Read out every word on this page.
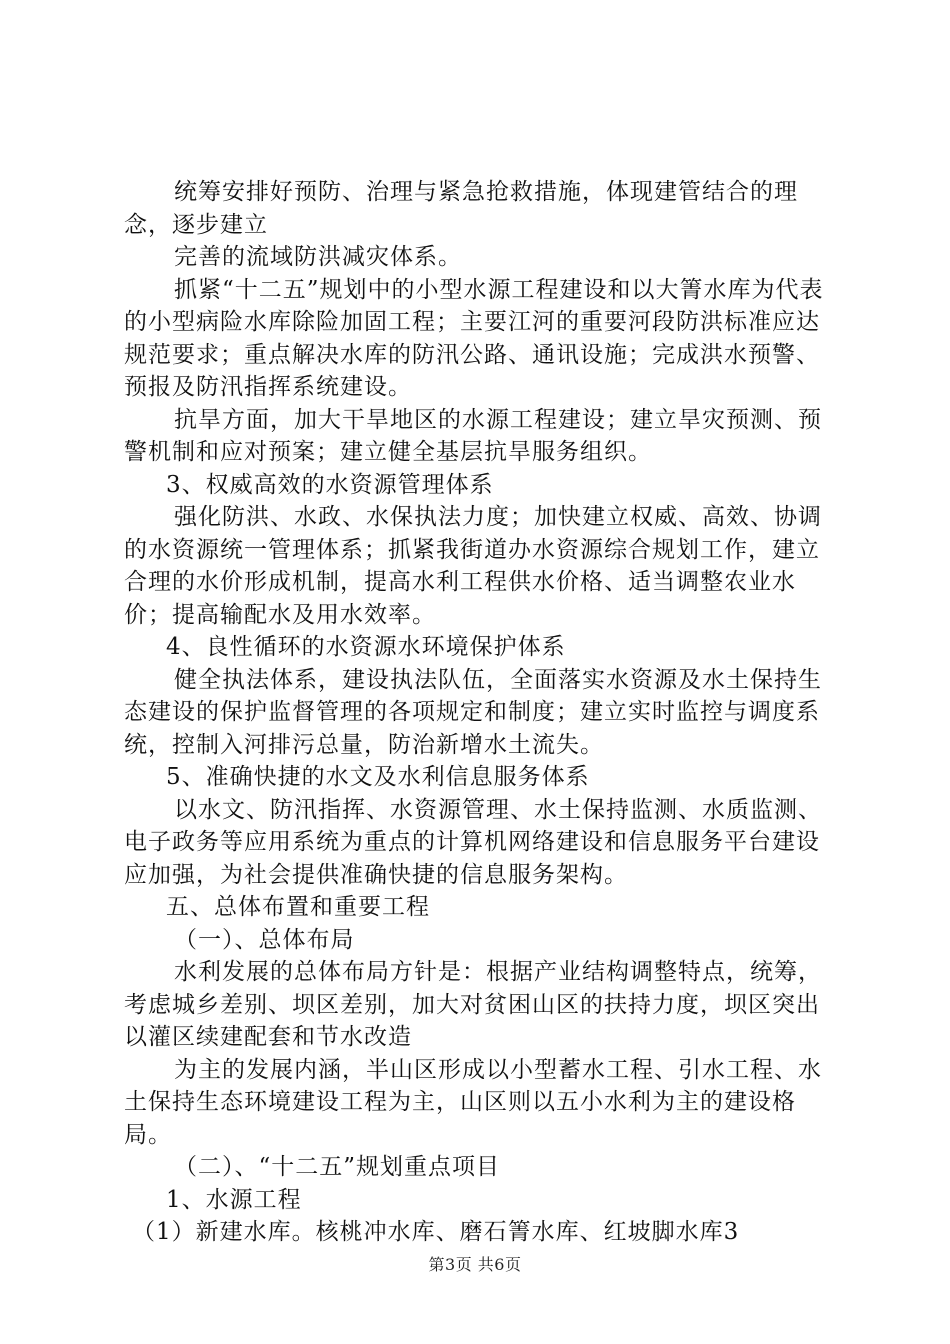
统筹安排好预防、治理与紧急抢救措施，体现建管结合的理念，逐步建立

完善的流域防洪减灾体系。

抓紧“十二五”规划中的小型水源工程建设和以大箐水库为代表的小型病险水库除险加固工程；主要江河的重要河段防洪标准应达规范要求；重点解决水库的防汛公路、通讯设施；完成洪水预警、预报及防汛指挥系统建设。

抗旱方面，加大干旱地区的水源工程建设；建立旱灾预测、预警机制和应对预案；建立健全基层抗旱服务组织。

3、权威高效的水资源管理体系

强化防洪、水政、水保执法力度；加快建立权威、高效、协调的水资源统一管理体系；抓紧我街道办水资源综合规划工作，建立合理的水价形成机制，提高水利工程供水价格、适当调整农业水价；提高输配水及用水效率。

4、良性循环的水资源水环境保护体系

健全执法体系，建设执法队伍，全面落实水资源及水土保持生态建设的保护监督管理的各项规定和制度；建立实时监控与调度系统，控制入河排污总量，防治新增水土流失。

5、准确快捷的水文及水利信息服务体系

以水文、防汛指挥、水资源管理、水土保持监测、水质监测、电子政务等应用系统为重点的计算机网络建设和信息服务平台建设应加强，为社会提供准确快捷的信息服务架构。

五、总体布置和重要工程

（一）、总体布局

水利发展的总体布局方针是：根据产业结构调整特点，统筹，考虑城乡差别、坝区差别，加大对贫困山区的扶持力度，坝区突出以灌区续建配套和节水改造

为主的发展内涵，半山区形成以小型蓄水工程、引水工程、水土保持生态环境建设工程为主，山区则以五小水利为主的建设格局。

（二）、“十二五”规划重点项目

1、水源工程

（1）新建水库。核桃冲水库、磨石箐水库、红坡脚水库3

第3页 共6页
